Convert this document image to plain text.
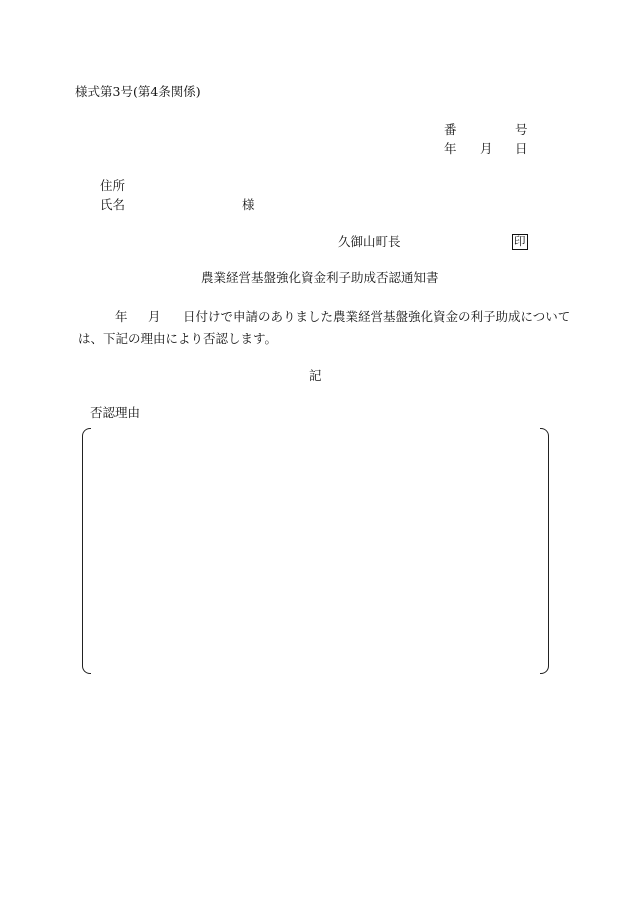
様式第3号(第4条関係)
番	号
年 月 日
住所
氏名	様
久御山町長	印
農業経営基盤強化資金利子助成否認通知書
年 月 日付けで申請のありました農業経営基盤強化資金の利子助成について
は、下記の理由により否認します。
記
否認理由
